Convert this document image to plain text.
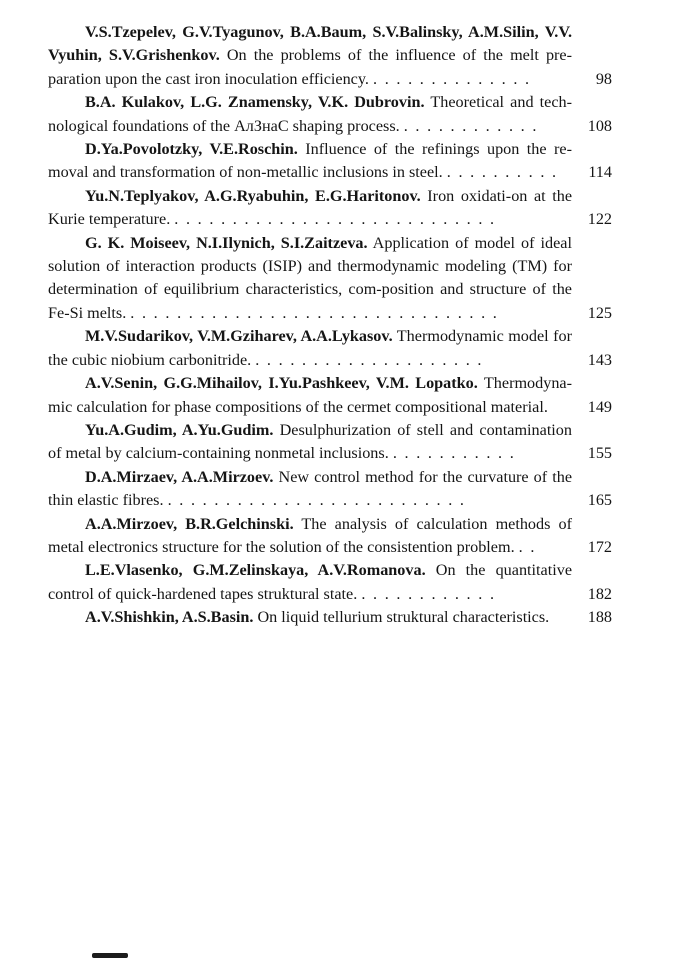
V.S.Tzepelev, G.V.Tyagunov, B.A.Baum, S.V.Balinsky, A.M.Silin, V.V. Vyuhin, S.V.Grishenkov. On the problems of the influence of the melt pre-paration upon the cast iron inoculation efficiency. . . . . . . . . . . . . . .	98

B.A. Kulakov, L.G. Znamensky, V.K. Dubrovin. Theoretical and tech-nological foundations of the АлЗнаС shaping process. . . . . . . . . . . . .	108

D.Ya.Povolotzky, V.E.Roschin. Influence of the refinings upon the re-moval and transformation of non-metallic inclusions in steel. . . . . . . . . . .	114

Yu.N.Teplyakov, A.G.Ryabuhin, E.G.Haritonov. Iron oxidati-on at the Kurie temperature. . . . . . . . . . . . . . . . . . . . . . . . . . . . .	122

G. K. Moiseev, N.I.Ilynich, S.I.Zaitzeva. Application of model of ideal solution of interaction products (ISIP) and thermodynamic modeling (TM) for determination of equilibrium characteristics, com-position and structure of the Fe-Si melts. . . . . . . . . . . . . . . . . . . . . . . . . . . . . . . . .	125

M.V.Sudarikov, V.M.Gziharev, A.A.Lykasov. Thermodynamic model for the cubic niobium carbonitride. . . . . . . . . . . . . . . . . . . . .	143

A.V.Senin, G.G.Mihailov, I.Yu.Pashkeev, V.M. Lopatko. Thermodyna-mic calculation for phase compositions of the cermet compositional material.	149

Yu.A.Gudim, A.Yu.Gudim. Desulphurization of stell and contamination of metal by calcium-containing nonmetal inclusions. . . . . . . . . . . .	155

D.A.Mirzaev, A.A.Mirzoev. New control method for the curvature of the thin elastic fibres. . . . . . . . . . . . . . . . . . . . . . . . . . .	165

A.A.Mirzoev, B.R.Gelchinski. The analysis of calculation methods of metal electronics structure for the solution of the consistention problem. . .	172

L.E.Vlasenko, G.M.Zelinskaya, A.V.Romanova. On the quantitative control of quick-hardened tapes struktural state. . . . . . . . . . . . .	182

A.V.Shishkin, A.S.Basin. On liquid tellurium struktural characteristics.	188
